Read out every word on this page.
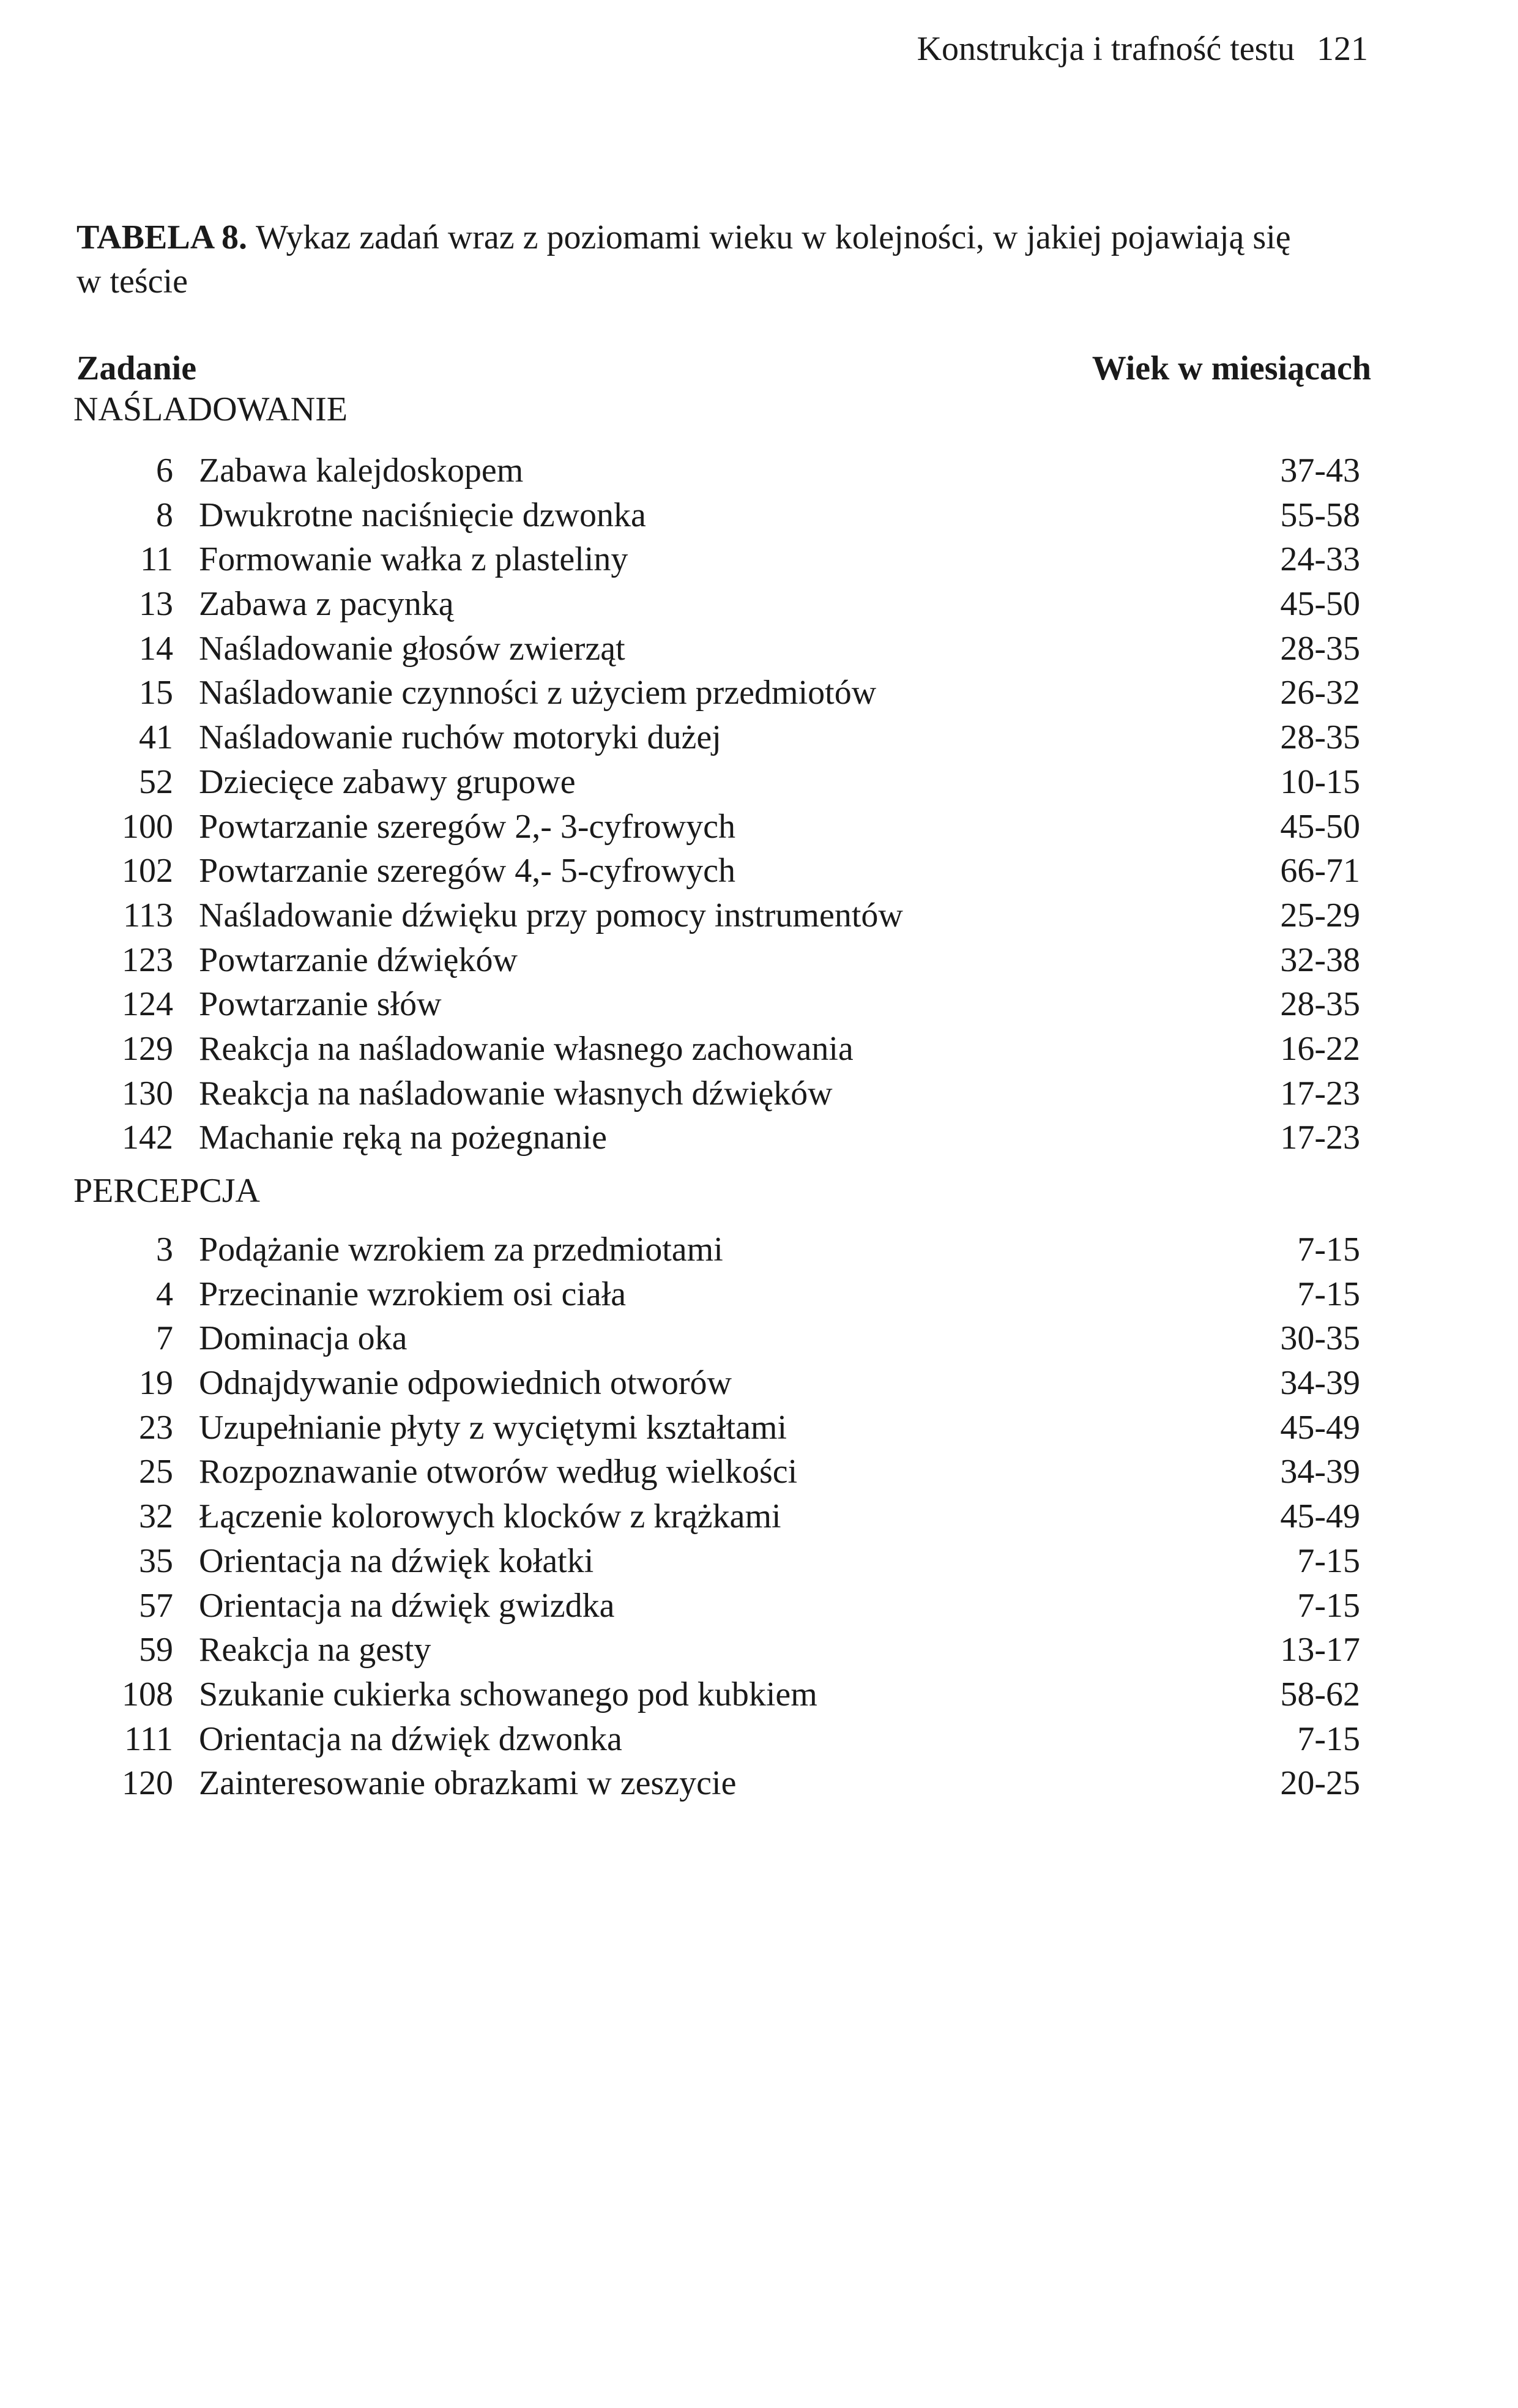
Konstrukcja i trafność testu 121
TABELA 8. Wykaz zadań wraz z poziomami wieku w kolejności, w jakiej pojawiają się w teście
Zadanie	Wiek w miesiącach
NAŚLADOWANIE
6 Zabawa kalejdoskopem	37-43
8 Dwukrotne naciśnięcie dzwonka	55-58
11 Formowanie wałka z plasteliny	24-33
13 Zabawa z pacynką	45-50
14 Naśladowanie głosów zwierząt	28-35
15 Naśladowanie czynności z użyciem przedmiotów	26-32
41 Naśladowanie ruchów motoryki dużej	28-35
52 Dziecięce zabawy grupowe	10-15
100 Powtarzanie szeregów 2,- 3-cyfrowych	45-50
102 Powtarzanie szeregów 4,- 5-cyfrowych	66-71
113 Naśladowanie dźwięku przy pomocy instrumentów	25-29
123 Powtarzanie dźwięków	32-38
124 Powtarzanie słów	28-35
129 Reakcja na naśladowanie własnego zachowania	16-22
130 Reakcja na naśladowanie własnych dźwięków	17-23
142 Machanie ręką na pożegnanie	17-23
PERCEPCJA
3 Podążanie wzrokiem za przedmiotami	7-15
4 Przecinanie wzrokiem osi ciała	7-15
7 Dominacja oka	30-35
19 Odnajdywanie odpowiednich otworów	34-39
23 Uzupełnianie płyty z wyciętymi kształtami	45-49
25 Rozpoznawanie otworów według wielkości	34-39
32 Łączenie kolorowych klocków z krążkami	45-49
35 Orientacja na dźwięk kołatki	7-15
57 Orientacja na dźwięk gwizdka	7-15
59 Reakcja na gesty	13-17
108 Szukanie cukierka schowanego pod kubkiem	58-62
111 Orientacja na dźwięk dzwonka	7-15
120 Zainteresowanie obrazkami w zeszycie	20-25
